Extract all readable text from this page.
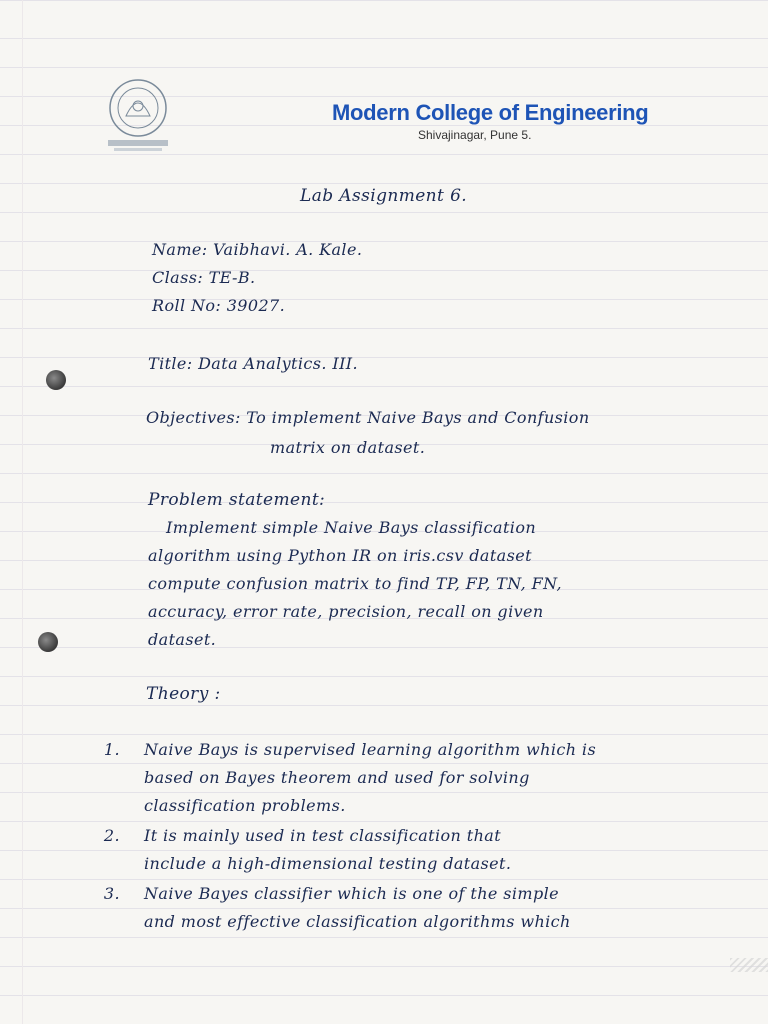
Modern College of Engineering
Shivajinagar, Pune 5.
Lab Assignment 6.
Name: Vaibhavi. A. Kale.
Class: TE-B.
Roll No: 39027.
Title: Data Analytics. III.
Objectives: To implement Naive Bays and Confusion
matrix on dataset.
Problem statement:
Implement simple Naive Bays classification
algorithm using Python IR on iris.csv dataset
compute confusion matrix to find TP, FP, TN, FN,
accuracy, error rate, precision, recall on given
dataset.
Theory :
1. Naive Bays is supervised learning algorithm which is
based on Bayes theorem and used for solving
classification problems.
2. It is mainly used in test classification that
include a high-dimensional testing dataset.
3. Naive Bayes classifier which is one of the simple
and most effective classification algorithms which
